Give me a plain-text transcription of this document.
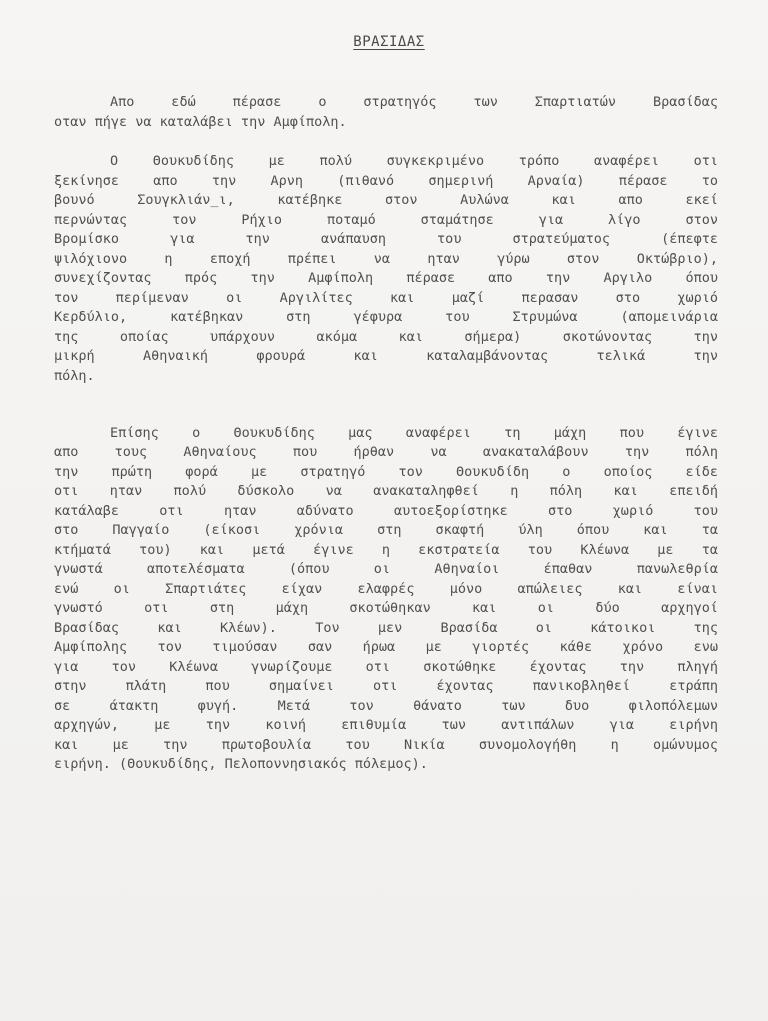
ΒΡΑΣΙΔΑΣ
Απο εδώ πέρασε ο στρατηγός των Σπαρτιατών Βρασίδας
οταν πήγε να καταλάβει την Αμφίπολη.
Ο Θουκυδίδης με πολύ συγκεκριμένο τρόπο αναφέρει οτι
ξεκίνησε απο την Αρνη (πιθανό σημερινή Αρναία) πέρασε το
βουνό Σουγκλιάν_ι, κατέβηκε στον Αυλώνα και απο εκεί
περνώντας τον Ρήχιο ποταμό σταμάτησε για λίγο στον
Βρομίσκο για την ανάπαυση του στρατεύματος (έπεφτε
ψιλόχιονο η εποχή πρέπει να ηταν γύρω στον Οκτώβριο),
συνεχίζοντας πρός την Αμφίπολη πέρασε απο την Αργιλο όπου
τον περίμεναν οι Αργιλίτες και μαζί περασαν στο χωριό
Κερδύλιο, κατέβηκαν στη γέφυρα του Στρυμώνα (απομεινάρια
της οποίας υπάρχουν ακόμα και σήμερα) σκοτώνοντας την
μικρή Αθηναική φρουρά και καταλαμβάνοντας τελικά την
πόλη.
Επίσης ο Θουκυδίδης μας αναφέρει τη μάχη που έγινε
απο τους Αθηναίους που ήρθαν να ανακαταλάβουν την πόλη
την πρώτη φορά με στρατηγό τον Θουκυδίδη ο οποίος είδε
οτι ηταν πολύ δύσκολο να ανακαταληφθεί η πόλη και επειδή
κατάλαβε οτι ηταν αδύνατο αυτοεξορίστηκε στο χωριό του
στο Παγγαίο (είκοσι χρόνια στη σκαφτή ύλη όπου και τα
κτήματά του) και μετά έγινε η εκστρατεία του Κλέωνα με τα
γνωστά αποτελέσματα (όπου οι Αθηναίοι έπαθαν πανωλεθρία
ενώ οι Σπαρτιάτες είχαν ελαφρές μόνο απώλειες και είναι
γνωστό οτι στη μάχη σκοτώθηκαν και οι δύο αρχηγοί
Βρασίδας και Κλέων). Τον μεν Βρασίδα οι κάτοικοι της
Αμφίπολης τον τιμούσαν σαν ήρωα με γιορτές κάθε χρόνο ενω
για τον Κλέωνα γνωρίζουμε οτι σκοτώθηκε έχοντας την πληγή
στην πλάτη που σημαίνει οτι έχοντας πανικοβληθεί ετράπη
σε άτακτη φυγή. Μετά τον θάνατο των δυο φιλοπόλεμων
αρχηγών, με την κοινή επιθυμία των αντιπάλων για ειρήνη
και με την πρωτοβουλία του Νικία συνομολογήθη η ομώνυμος
ειρήνη. (Θουκυδίδης, Πελοποννησιακός πόλεμος).
